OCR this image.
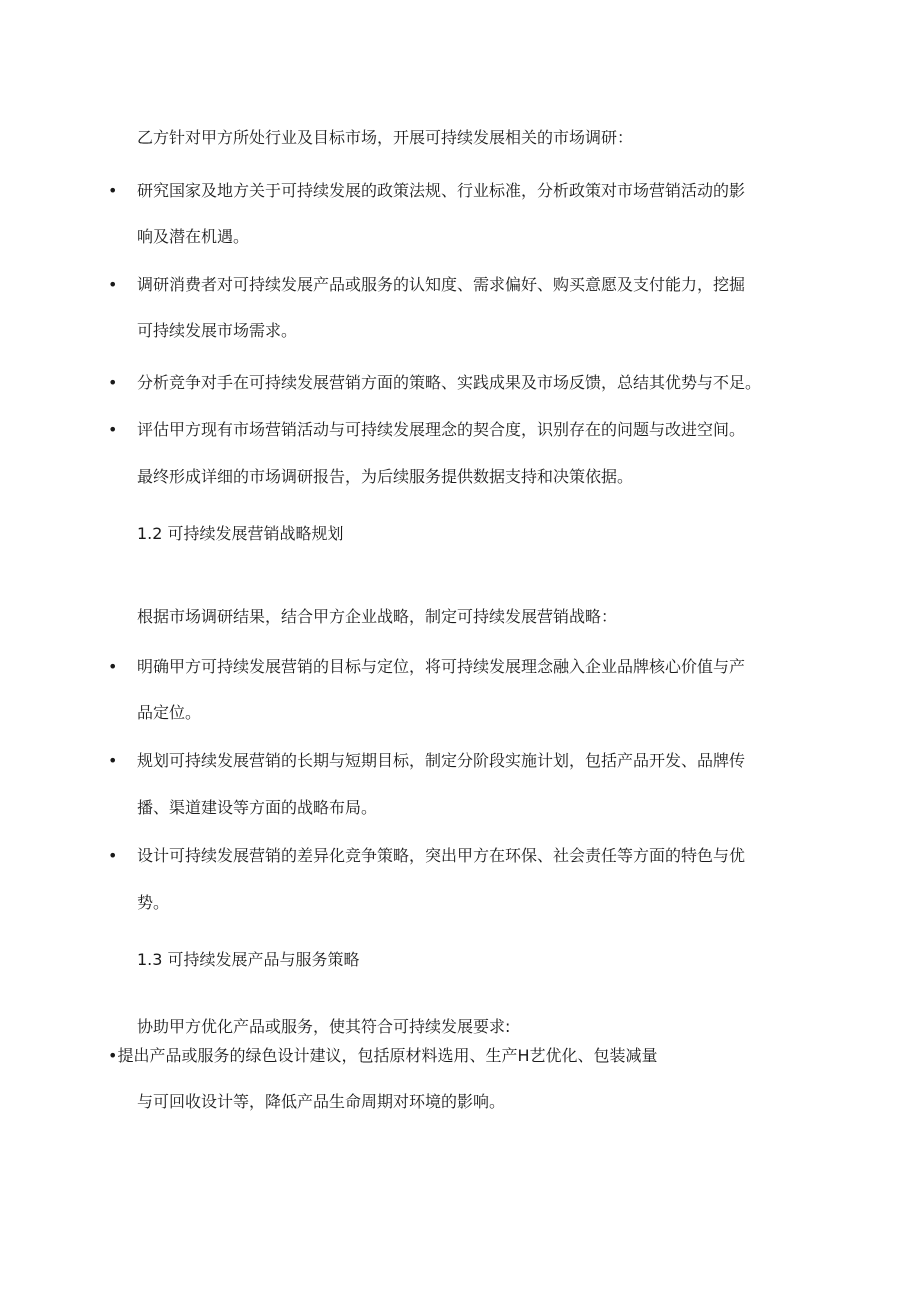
乙方针对甲方所处行业及目标市场，开展可持续发展相关的市场调研：
• 研究国家及地方关于可持续发展的政策法规、行业标准，分析政策对市场营销活动的影
响及潜在机遇。
• 调研消费者对可持续发展产品或服务的认知度、需求偏好、购买意愿及支付能力，挖掘
可持续发展市场需求。
• 分析竞争对手在可持续发展营销方面的策略、实践成果及市场反馈，总结其优势与不足。
• 评估甲方现有市场营销活动与可持续发展理念的契合度，识别存在的问题与改进空间。
最终形成详细的市场调研报告，为后续服务提供数据支持和决策依据。
1.2 可持续发展营销战略规划
根据市场调研结果，结合甲方企业战略，制定可持续发展营销战略：
• 明确甲方可持续发展营销的目标与定位，将可持续发展理念融入企业品牌核心价值与产
品定位。
• 规划可持续发展营销的长期与短期目标，制定分阶段实施计划，包括产品开发、品牌传
播、渠道建设等方面的战略布局。
• 设计可持续发展营销的差异化竞争策略，突出甲方在环保、社会责任等方面的特色与优
势。
1.3 可持续发展产品与服务策略
协助甲方优化产品或服务，使其符合可持续发展要求:
•提出产品或服务的绿色设计建议，包括原材料选用、生产H艺优化、包装减量
与可回收设计等，降低产品生命周期对环境的影响。
